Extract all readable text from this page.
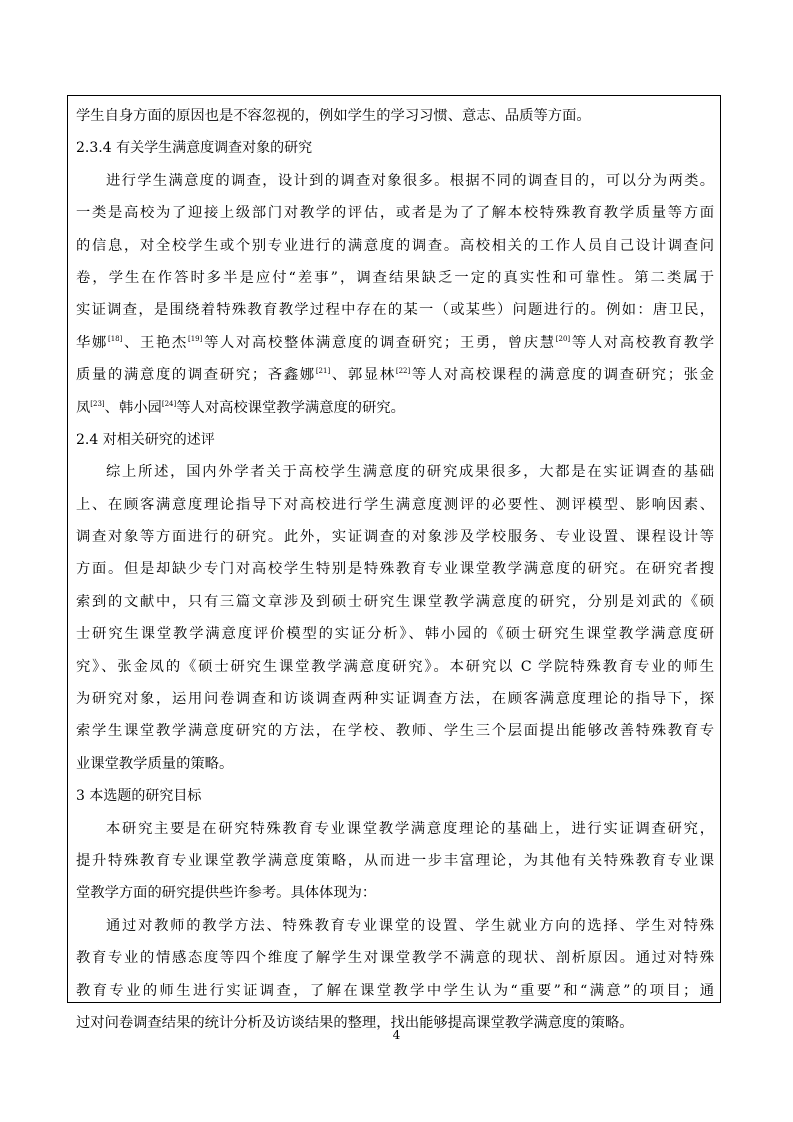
学生自身方面的原因也是不容忽视的，例如学生的学习习惯、意志、品质等方面。
2.3.4 有关学生满意度调查对象的研究
进行学生满意度的调查，设计到的调查对象很多。根据不同的调查目的，可以分为两类。
一类是高校为了迎接上级部门对教学的评估，或者是为了了解本校特殊教育教学质量等方面
的信息，对全校学生或个别专业进行的满意度的调查。高校相关的工作人员自己设计调查问
卷，学生在作答时多半是应付“差事”，调查结果缺乏一定的真实性和可靠性。第二类属于
实证调查，是围绕着特殊教育教学过程中存在的某一（或某些）问题进行的。例如：唐卫民，
华娜[18]、王艳杰[19]等人对高校整体满意度的调查研究；王勇，曾庆慧[20]等人对高校教育教学
质量的满意度的调查研究；吝鑫娜[21]、郭显林[22]等人对高校课程的满意度的调查研究；张金
凤[23]、韩小园[24]等人对高校课堂教学满意度的研究。
2.4 对相关研究的述评
综上所述，国内外学者关于高校学生满意度的研究成果很多，大都是在实证调查的基础
上、在顾客满意度理论指导下对高校进行学生满意度测评的必要性、测评模型、影响因素、
调查对象等方面进行的研究。此外，实证调查的对象涉及学校服务、专业设置、课程设计等
方面。但是却缺少专门对高校学生特别是特殊教育专业课堂教学满意度的研究。在研究者搜
索到的文献中，只有三篇文章涉及到硕士研究生课堂教学满意度的研究，分别是刘武的《硕
士研究生课堂教学满意度评价模型的实证分析》、韩小园的《硕士研究生课堂教学满意度研
究》、张金凤的《硕士研究生课堂教学满意度研究》。本研究以 C 学院特殊教育专业的师生
为研究对象，运用问卷调查和访谈调查两种实证调查方法，在顾客满意度理论的指导下，探
索学生课堂教学满意度研究的方法，在学校、教师、学生三个层面提出能够改善特殊教育专
业课堂教学质量的策略。
3 本选题的研究目标
本研究主要是在研究特殊教育专业课堂教学满意度理论的基础上，进行实证调查研究，
提升特殊教育专业课堂教学满意度策略，从而进一步丰富理论，为其他有关特殊教育专业课
堂教学方面的研究提供些许参考。具体体现为：
通过对教师的教学方法、特殊教育专业课堂的设置、学生就业方向的选择、学生对特殊
教育专业的情感态度等四个维度了解学生对课堂教学不满意的现状、剖析原因。通过对特殊
教育专业的师生进行实证调查，了解在课堂教学中学生认为“重要”和“满意”的项目；通
过对问卷调查结果的统计分析及访谈结果的整理，找出能够提高课堂教学满意度的策略。
4
